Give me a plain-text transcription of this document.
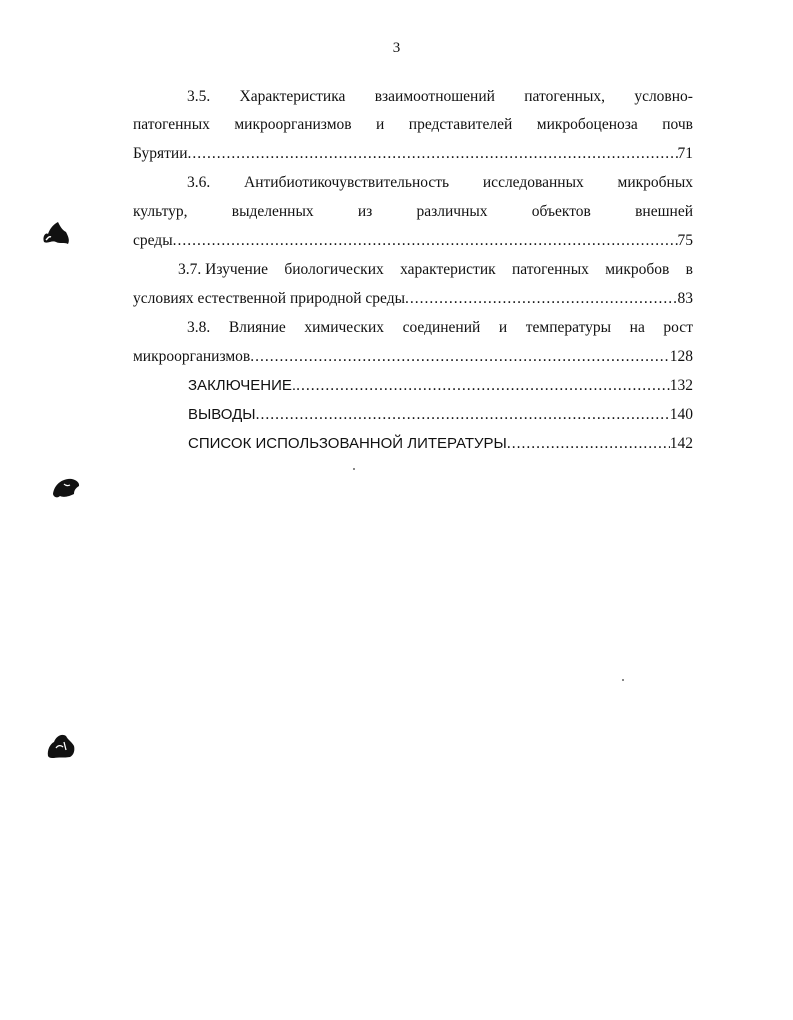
3
3.5. Характеристика взаимоотношений патогенных, условно-
патогенных микроорганизмов и представителей микробоценоза почв
Бурятии .....	71
3.6. Антибиотикочувствительность исследованных микробных
культур,	выделенных	из	различных	объектов	внешней
среды .....	75
3.7. Изучение биологических характеристик патогенных микробов в
условиях естественной природной среды .....	83
3.8. Влияние химических соединений и температуры на рост
микроорганизмов .....	128
ЗАКЛЮЧЕНИЕ. .....	132
ВЫВОДЫ .....	140
СПИСОК ИСПОЛЬЗОВАННОЙ ЛИТЕРАТУРЫ .....	142
